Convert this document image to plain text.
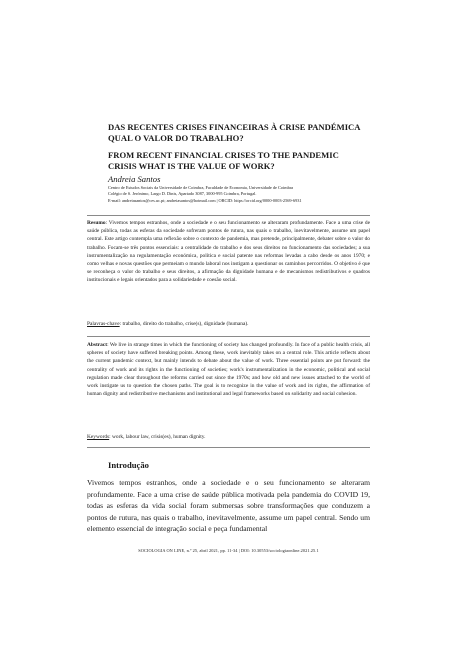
DAS RECENTES CRISES FINANCEIRAS À CRISE PANDÉMICA QUAL O VALOR DO TRABALHO?
FROM RECENT FINANCIAL CRISES TO THE PANDEMIC CRISIS WHAT IS THE VALUE OF WORK?
Andreia Santos
Centro de Estudos Sociais da Universidade de Coimbra, Faculdade de Economia, Universidade de Coimbra
Colégio de S. Jerónimo, Largo D. Dinis, Apartado 3087, 3000-995 Coimbra, Portugal.
E-mail: andreiasantos@ces.uc.pt; andreiasantos@hotmail.com | ORCID: https://orcid.org/0000-0003-2569-6931
Resumo: Vivemos tempos estranhos, onde a sociedade e o seu funcionamento se alteraram profundamente. Face a uma crise de saúde pública, todas as esferas da sociedade sofreram pontos de rutura, nas quais o trabalho, inevitavelmente, assume um papel central. Este artigo contempla uma reflexão sobre o contexto de pandemia, mas pretende, principalmente, debater sobre o valor do trabalho. Focam-se três pontos essenciais: a centralidade do trabalho e dos seus direitos no funcionamento das sociedades; a sua instrumentalização na regulamentação económica, política e social patente nas reformas levadas a cabo desde os anos 1970; e como velhas e novas questões que permeiam o mundo laboral nos instigam a questionar os caminhos percorridos. O objetivo é que se reconheça o valor do trabalho e seus direitos, a afirmação da dignidade humana e de mecanismos redistributivos e quadros institucionais e legais orientados para a solidariedade e coesão social.
Palavras-chave: trabalho, direito do trabalho, crise(s), dignidade (humana).
Abstract: We live in strange times in which the functioning of society has changed profoundly. In face of a public health crisis, all spheres of society have suffered breaking points. Among these, work inevitably takes on a central role. This article reflects about the current pandemic context, but mainly intends to debate about the value of work. Three essential points are put forward: the centrality of work and its rights in the functioning of societies; work's instrumentalization in the economic, political and social regulation made clear throughout the reforms carried out since the 1970s; and how old and new issues attached to the world of work instigate us to question the chosen paths. The goal is to recognize in the value of work and its rights, the affirmation of human dignity and redistributive mechanisms and institutional and legal frameworks based on solidarity and social cohesion.
Keywords: work, labour law, crisis(es), human dignity.
Introdução
Vivemos tempos estranhos, onde a sociedade e o seu funcionamento se alteraram profundamente. Face a uma crise de saúde pública motivada pela pandemia do COVID 19, todas as esferas da vida social foram submersas sobre transformações que conduzem a pontos de rutura, nas quais o trabalho, inevitavelmente, assume um papel central. Sendo um elemento essencial de integração social e peça fundamental
SOCIOLOGIA ON LINE, n.º 25, abril 2021, pp. 11-34 | DOI: 10.30553/sociologiaonline.2021.25.1
